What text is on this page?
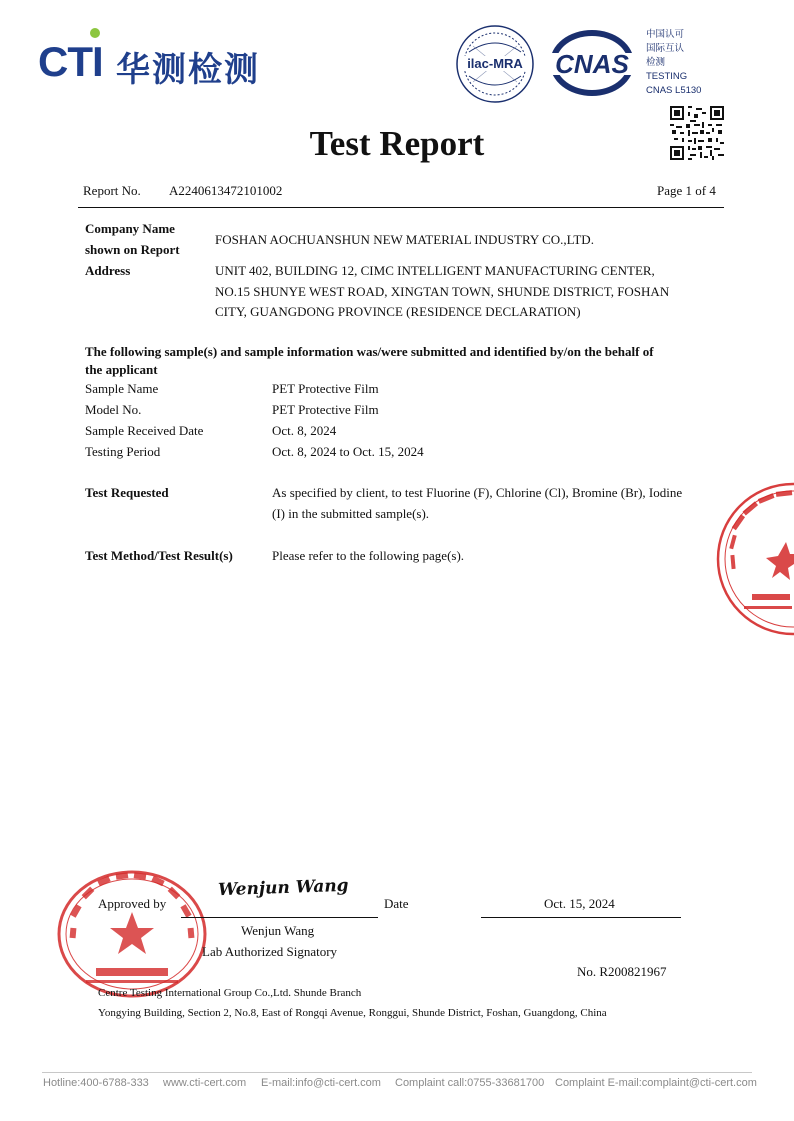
CTI 华测检测	ilac-MRA CNAS
中国认可
国际互认
检测
TESTING
CNAS L5130
Test Report
Report No. A2240613472101002	Page 1 of 4
Company Name
shown on Report
FOSHAN AOCHUANSHUN NEW MATERIAL INDUSTRY CO.,LTD.
Address	UNIT 402, BUILDING 12, CIMC INTELLIGENT MANUFACTURING CENTER,
NO.15 SHUNYE WEST ROAD, XINGTAN TOWN, SHUNDE DISTRICT, FOSHAN
CITY, GUANGDONG PROVINCE (RESIDENCE DECLARATION)
The following sample(s) and sample information was/were submitted and identified by/on the behalf of
the applicant
Sample Name	PET Protective Film
Model No.	PET Protective Film
Sample Received Date	Oct. 8, 2024
Testing Period	Oct. 8, 2024 to Oct. 15, 2024
Test Requested	As specified by client, to test Fluorine (F), Chlorine (Cl), Bromine (Br), Iodine
(I) in the submitted sample(s).
Test Method/Test Result(s)	Please refer to the following page(s).
Approved by
Wenjun Wang
Date	Oct. 15, 2024
Wenjun Wang
Lab Authorized Signatory
No. R200821967
Centre Testing International Group Co.,Ltd. Shunde Branch
Yongying Building, Section 2, No.8, East of Rongqi Avenue, Ronggui, Shunde District, Foshan, Guangdong, China
Hotline:400-6788-333 www.cti-cert.com E-mail:info@cti-cert.com Complaint call:0755-33681700 Complaint E-mail:complaint@cti-cert.com
